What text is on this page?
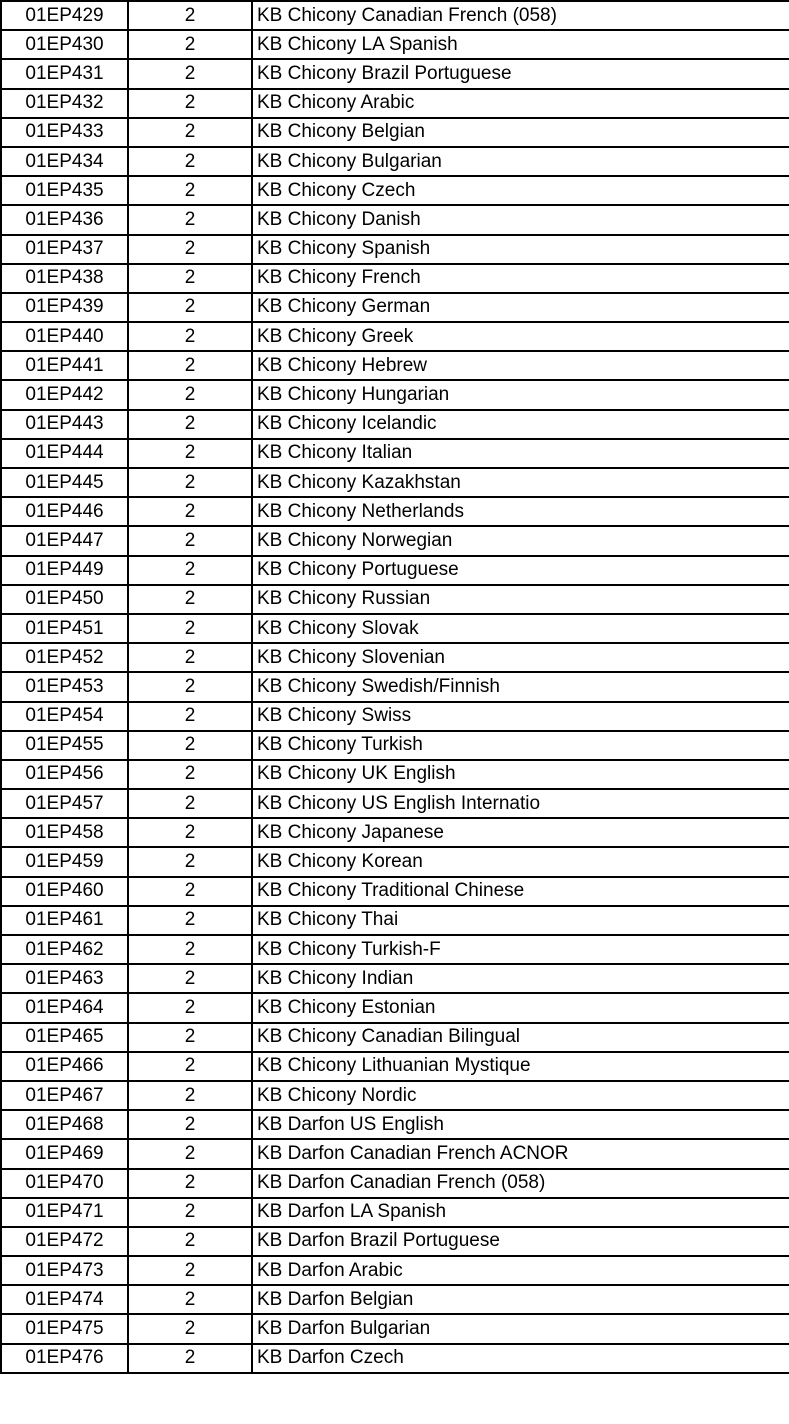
01EP429	2	KB Chicony Canadian French (058)
01EP430	2	KB Chicony LA Spanish
01EP431	2	KB Chicony Brazil Portuguese
01EP432	2	KB Chicony Arabic
01EP433	2	KB Chicony Belgian
01EP434	2	KB Chicony Bulgarian
01EP435	2	KB Chicony Czech
01EP436	2	KB Chicony Danish
01EP437	2	KB Chicony Spanish
01EP438	2	KB Chicony French
01EP439	2	KB Chicony German
01EP440	2	KB Chicony Greek
01EP441	2	KB Chicony Hebrew
01EP442	2	KB Chicony Hungarian
01EP443	2	KB Chicony Icelandic
01EP444	2	KB Chicony Italian
01EP445	2	KB Chicony Kazakhstan
01EP446	2	KB Chicony Netherlands
01EP447	2	KB Chicony Norwegian
01EP449	2	KB Chicony Portuguese
01EP450	2	KB Chicony Russian
01EP451	2	KB Chicony Slovak
01EP452	2	KB Chicony Slovenian
01EP453	2	KB Chicony Swedish/Finnish
01EP454	2	KB Chicony Swiss
01EP455	2	KB Chicony Turkish
01EP456	2	KB Chicony UK English
01EP457	2	KB Chicony US English Internatio
01EP458	2	KB Chicony Japanese
01EP459	2	KB Chicony Korean
01EP460	2	KB Chicony Traditional Chinese
01EP461	2	KB Chicony Thai
01EP462	2	KB Chicony Turkish-F
01EP463	2	KB Chicony Indian
01EP464	2	KB Chicony Estonian
01EP465	2	KB Chicony Canadian Bilingual
01EP466	2	KB Chicony Lithuanian Mystique
01EP467	2	KB Chicony Nordic
01EP468	2	KB Darfon US English
01EP469	2	KB Darfon Canadian French ACNOR
01EP470	2	KB Darfon Canadian French (058)
01EP471	2	KB Darfon LA Spanish
01EP472	2	KB Darfon Brazil Portuguese
01EP473	2	KB Darfon Arabic
01EP474	2	KB Darfon Belgian
01EP475	2	KB Darfon Bulgarian
01EP476	2	KB Darfon Czech
